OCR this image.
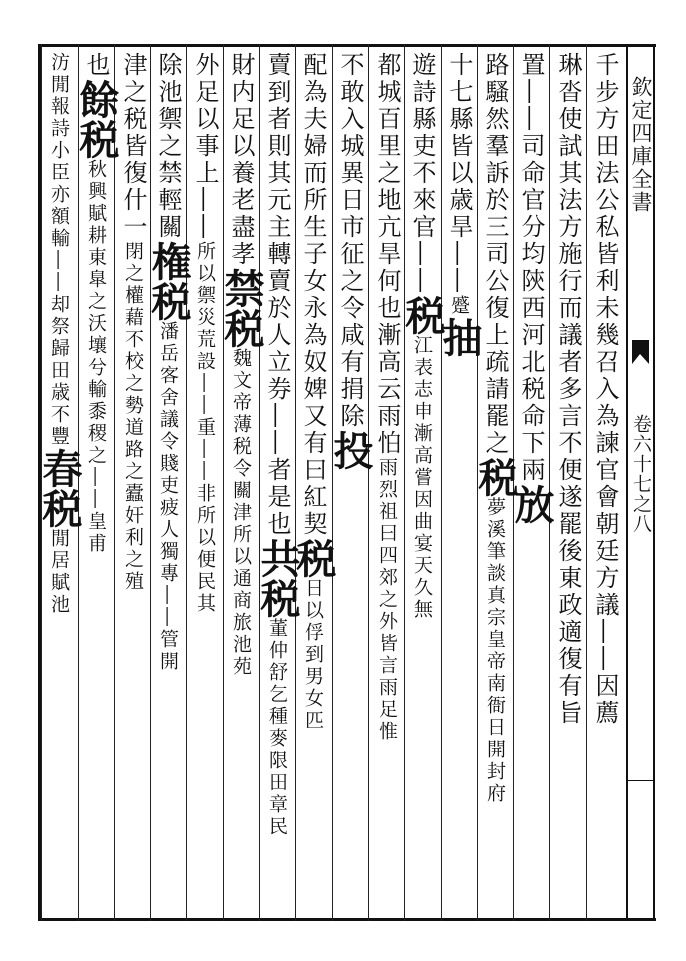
欽定四庫全書
卷六十七之八
千步方田法公私皆利未幾召入為諫官會朝廷方議――因薦
琳沓使試其法方施行而議者多言不便遂罷後東政適復有旨
置――司命官分均陝西河北税命下兩放
路騷然羣訴於三司公復上疏請罷之税夢溪筆談真宗皇帝南衙日開封府
十七縣皆以歳旱――蹙抽
遊詩縣吏不來官――税江表志申漸高嘗因曲宴天久無
都城百里之地亢旱何也漸高云雨怕雨烈祖曰四郊之外皆言雨足惟
不敢入城異日市征之令咸有捐除投
配為夫婦而所生子女永為奴婢又有曰紅契税日以俘到男女匹
賣到者則其元主轉賣於人立券――者是也共税董仲舒乞種麥限田章民
財内足以養老盡孝禁税魏文帝薄税令關津所以通商旅池苑
外足以事上――所以禦災荒設――重――非所以便民其
除池禦之禁輕關権税潘岳客舍議令賤吏疲人獨專――管開
津之税皆復什一閉之權藉不校之勢道路之蠹奸利之殖
也餘税秋興賦耕東臯之沃壤兮輸黍稷之――皇甫
汸閒報詩小臣亦額輸――却祭歸田歳不豐春税閒居賦池
